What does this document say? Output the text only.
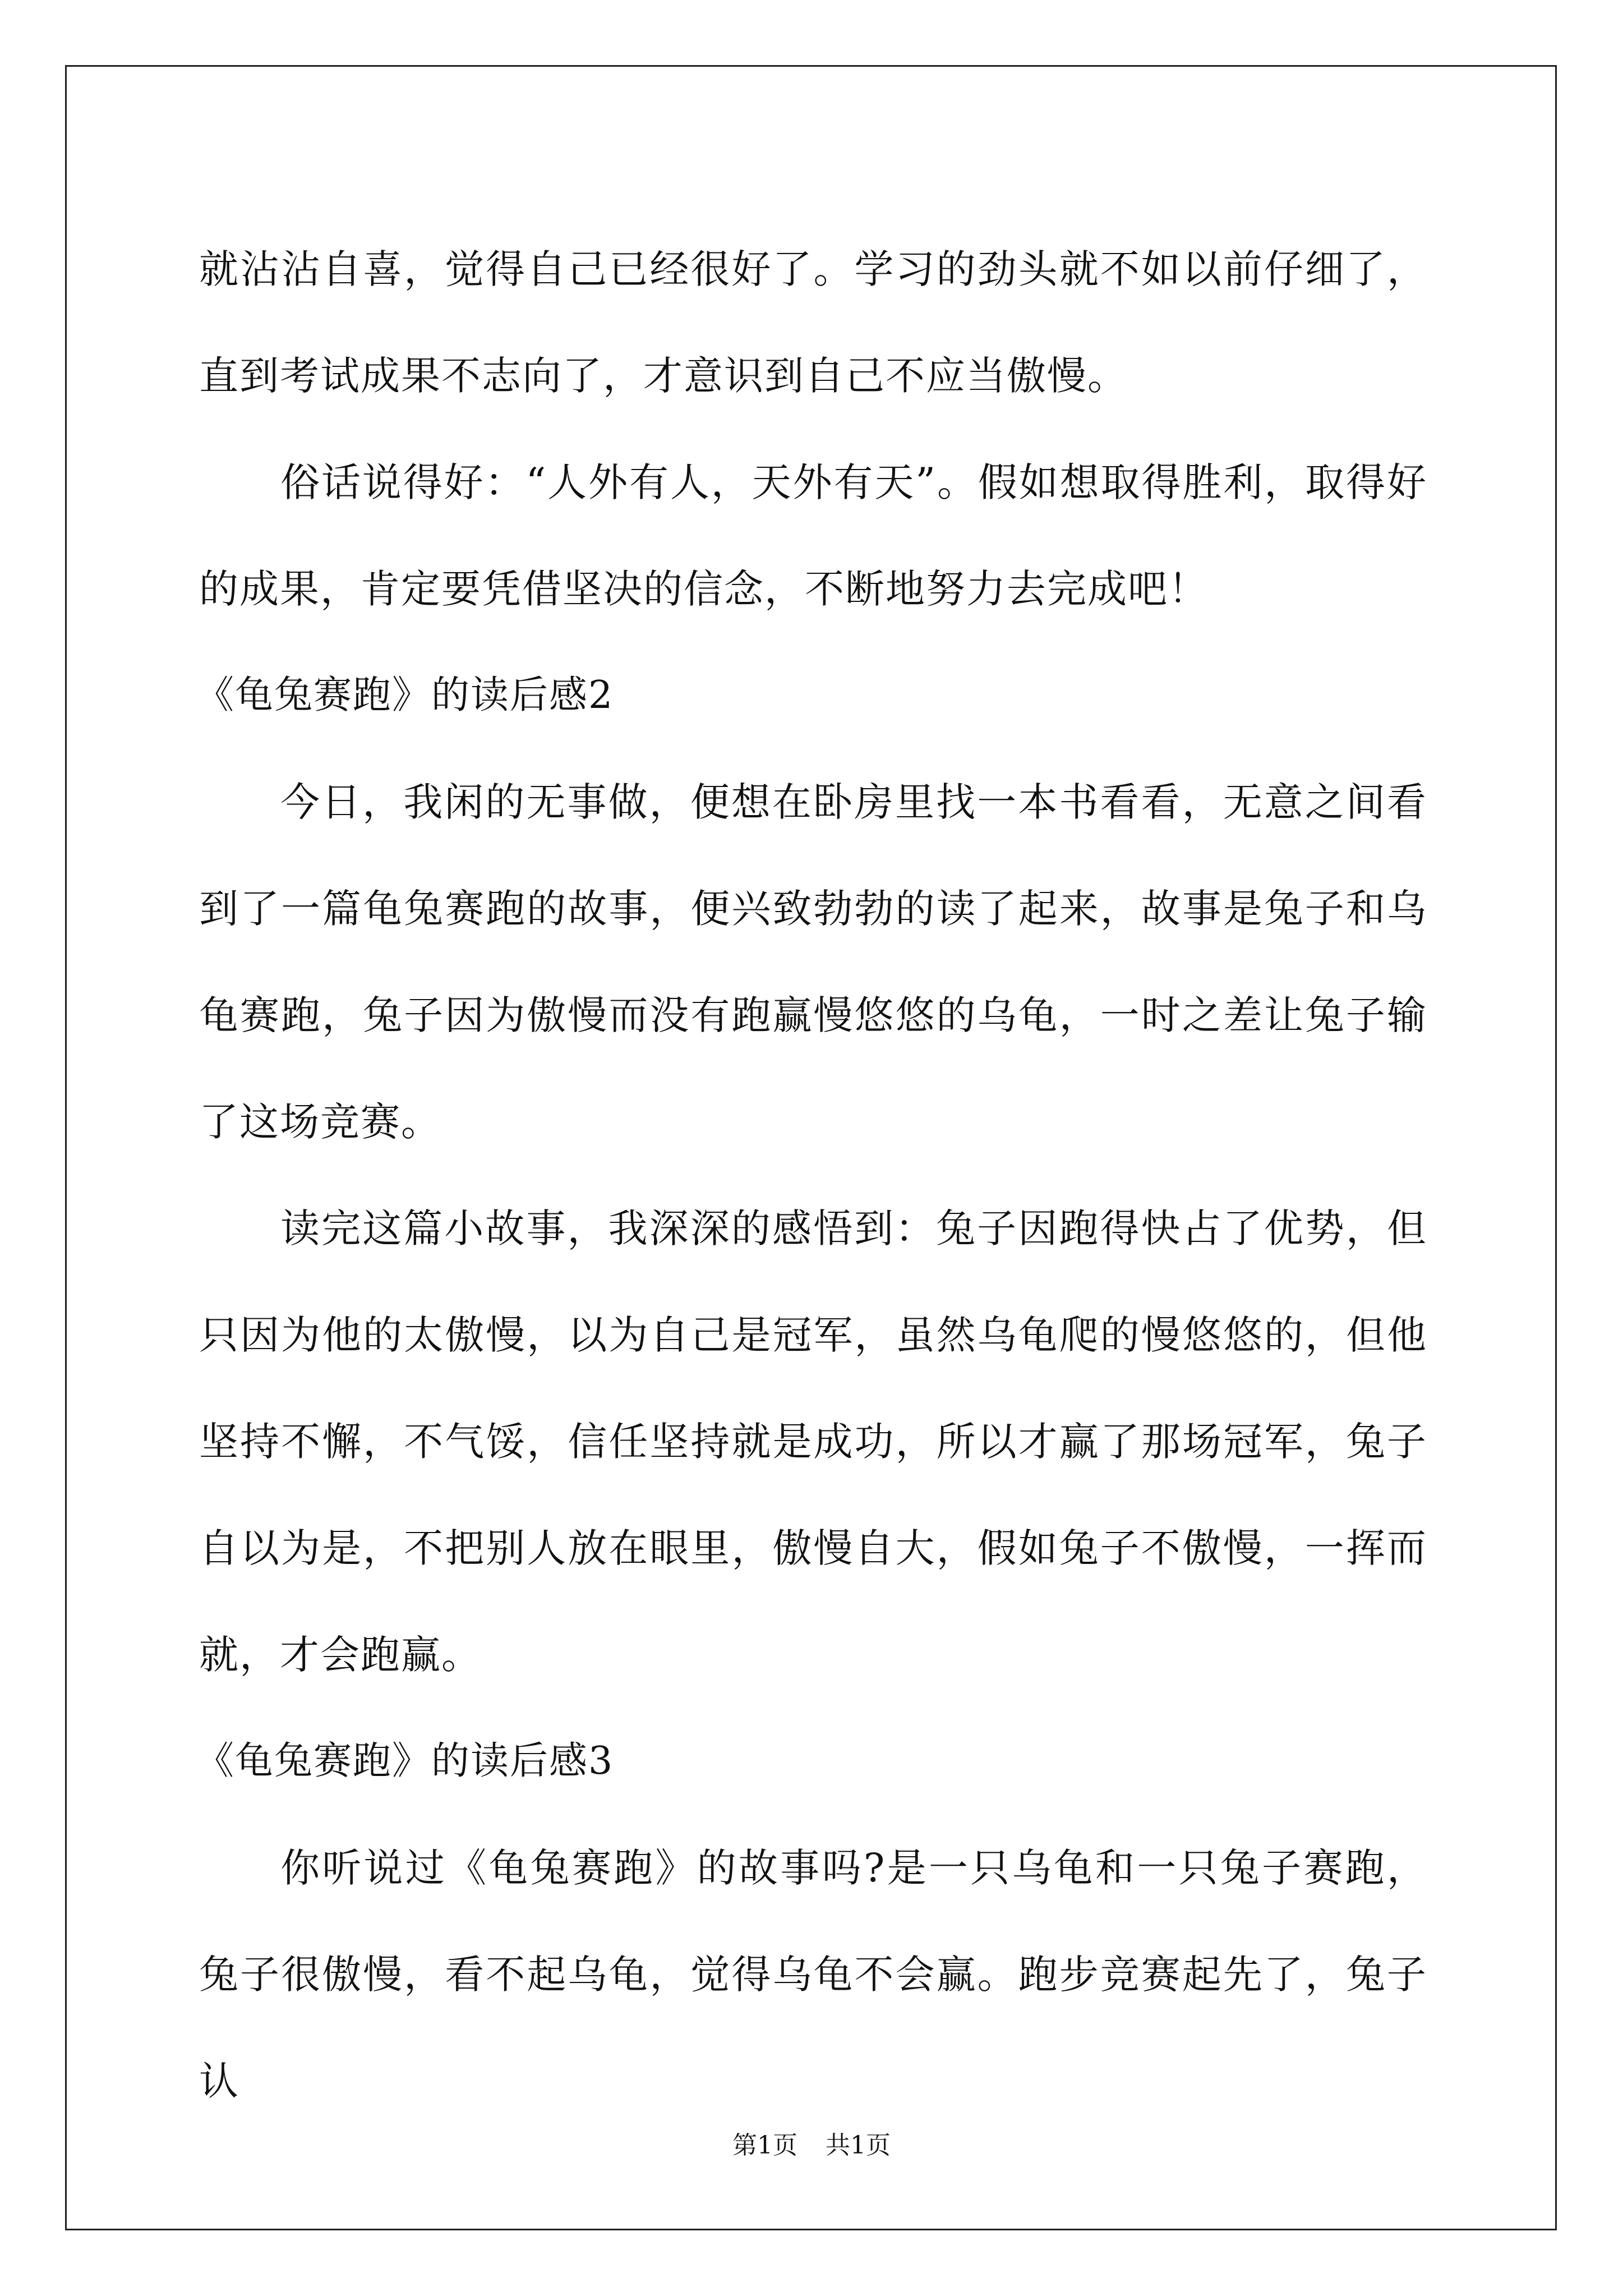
就沾沾自喜，觉得自己已经很好了。学习的劲头就不如以前仔细了，直到考试成果不志向了，才意识到自己不应当傲慢。

俗话说得好：“人外有人，天外有天”。假如想取得胜利，取得好的成果，肯定要凭借坚决的信念，不断地努力去完成吧！

《龟兔赛跑》的读后感2

今日，我闲的无事做，便想在卧房里找一本书看看，无意之间看到了一篇龟兔赛跑的故事，便兴致勃勃的读了起来，故事是兔子和乌龟赛跑，兔子因为傲慢而没有跑赢慢悠悠的乌龟，一时之差让兔子输了这场竞赛。

读完这篇小故事，我深深的感悟到：兔子因跑得快占了优势，但只因为他的太傲慢，以为自己是冠军，虽然乌龟爬的慢悠悠的，但他坚持不懈，不气馁，信任坚持就是成功，所以才赢了那场冠军，兔子自以为是，不把别人放在眼里，傲慢自大，假如兔子不傲慢，一挥而就，才会跑赢。

《龟兔赛跑》的读后感3

你听说过《龟兔赛跑》的故事吗?是一只乌龟和一只兔子赛跑，兔子很傲慢，看不起乌龟，觉得乌龟不会赢。跑步竞赛起先了，兔子认

第1页 共1页
